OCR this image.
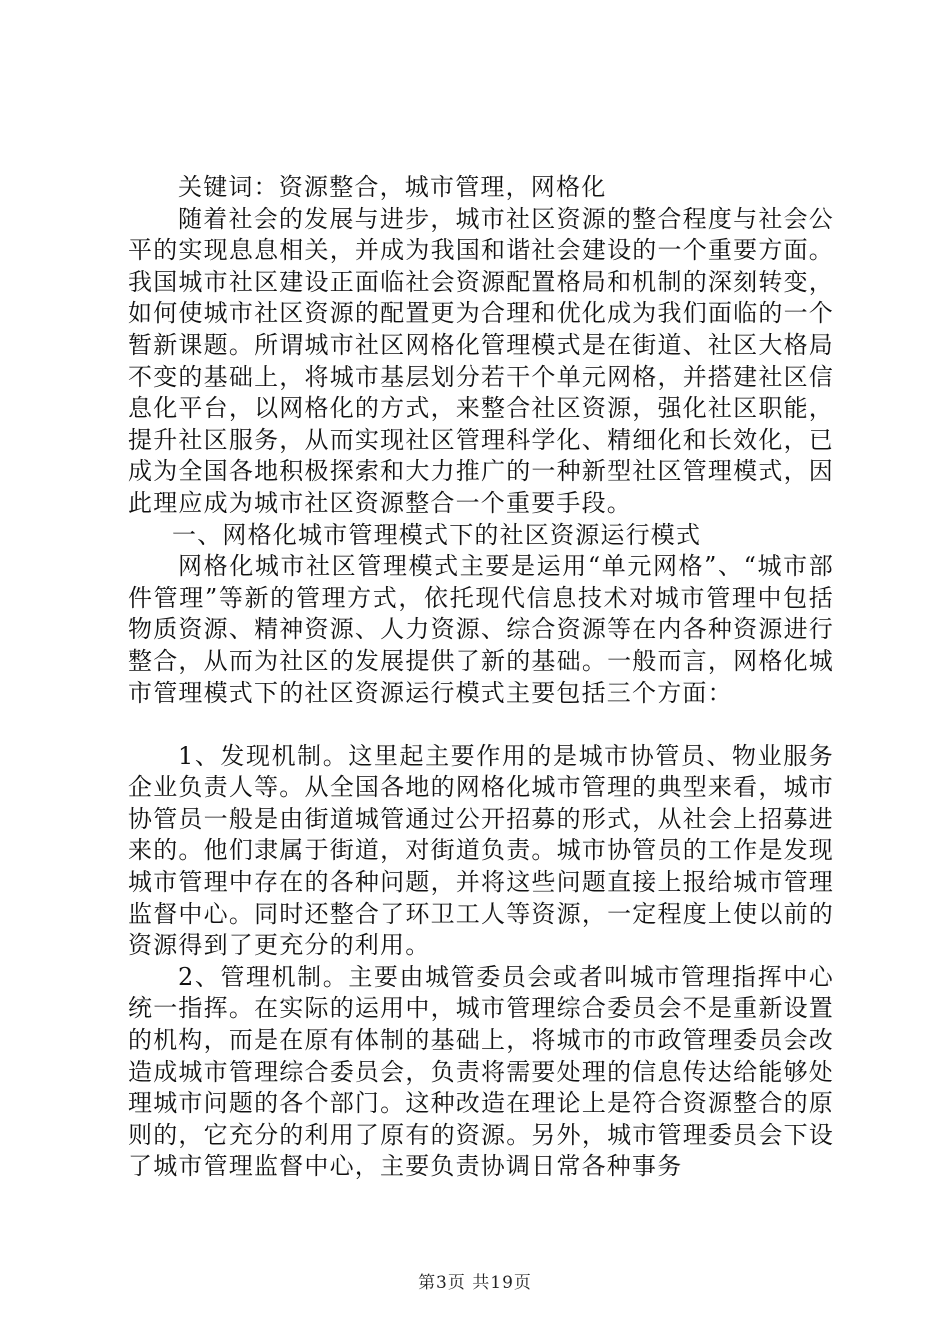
关键词：资源整合，城市管理，网格化

随着社会的发展与进步，城市社区资源的整合程度与社会公平的实现息息相关，并成为我国和谐社会建设的一个重要方面。我国城市社区建设正面临社会资源配置格局和机制的深刻转变，如何使城市社区资源的配置更为合理和优化成为我们面临的一个暂新课题。所谓城市社区网格化管理模式是在街道、社区大格局不变的基础上，将城市基层划分若干个单元网格，并搭建社区信息化平台，以网格化的方式，来整合社区资源，强化社区职能，提升社区服务，从而实现社区管理科学化、精细化和长效化，已成为全国各地积极探索和大力推广的一种新型社区管理模式，因此理应成为城市社区资源整合一个重要手段。

一、网格化城市管理模式下的社区资源运行模式

网格化城市社区管理模式主要是运用“单元网格”、“城市部件管理”等新的管理方式，依托现代信息技术对城市管理中包括物质资源、精神资源、人力资源、综合资源等在内各种资源进行整合，从而为社区的发展提供了新的基础。一般而言，网格化城市管理模式下的社区资源运行模式主要包括三个方面：

1、发现机制。这里起主要作用的是城市协管员、物业服务企业负责人等。从全国各地的网格化城市管理的典型来看，城市协管员一般是由街道城管通过公开招募的形式，从社会上招募进来的。他们隶属于街道，对街道负责。城市协管员的工作是发现城市管理中存在的各种问题，并将这些问题直接上报给城市管理监督中心。同时还整合了环卫工人等资源，一定程度上使以前的资源得到了更充分的利用。

2、管理机制。主要由城管委员会或者叫城市管理指挥中心统一指挥。在实际的运用中，城市管理综合委员会不是重新设置的机构，而是在原有体制的基础上，将城市的市政管理委员会改造成城市管理综合委员会，负责将需要处理的信息传达给能够处理城市问题的各个部门。这种改造在理论上是符合资源整合的原则的，它充分的利用了原有的资源。另外，城市管理委员会下设了城市管理监督中心，主要负责协调日常各种事务

第3页 共19页
